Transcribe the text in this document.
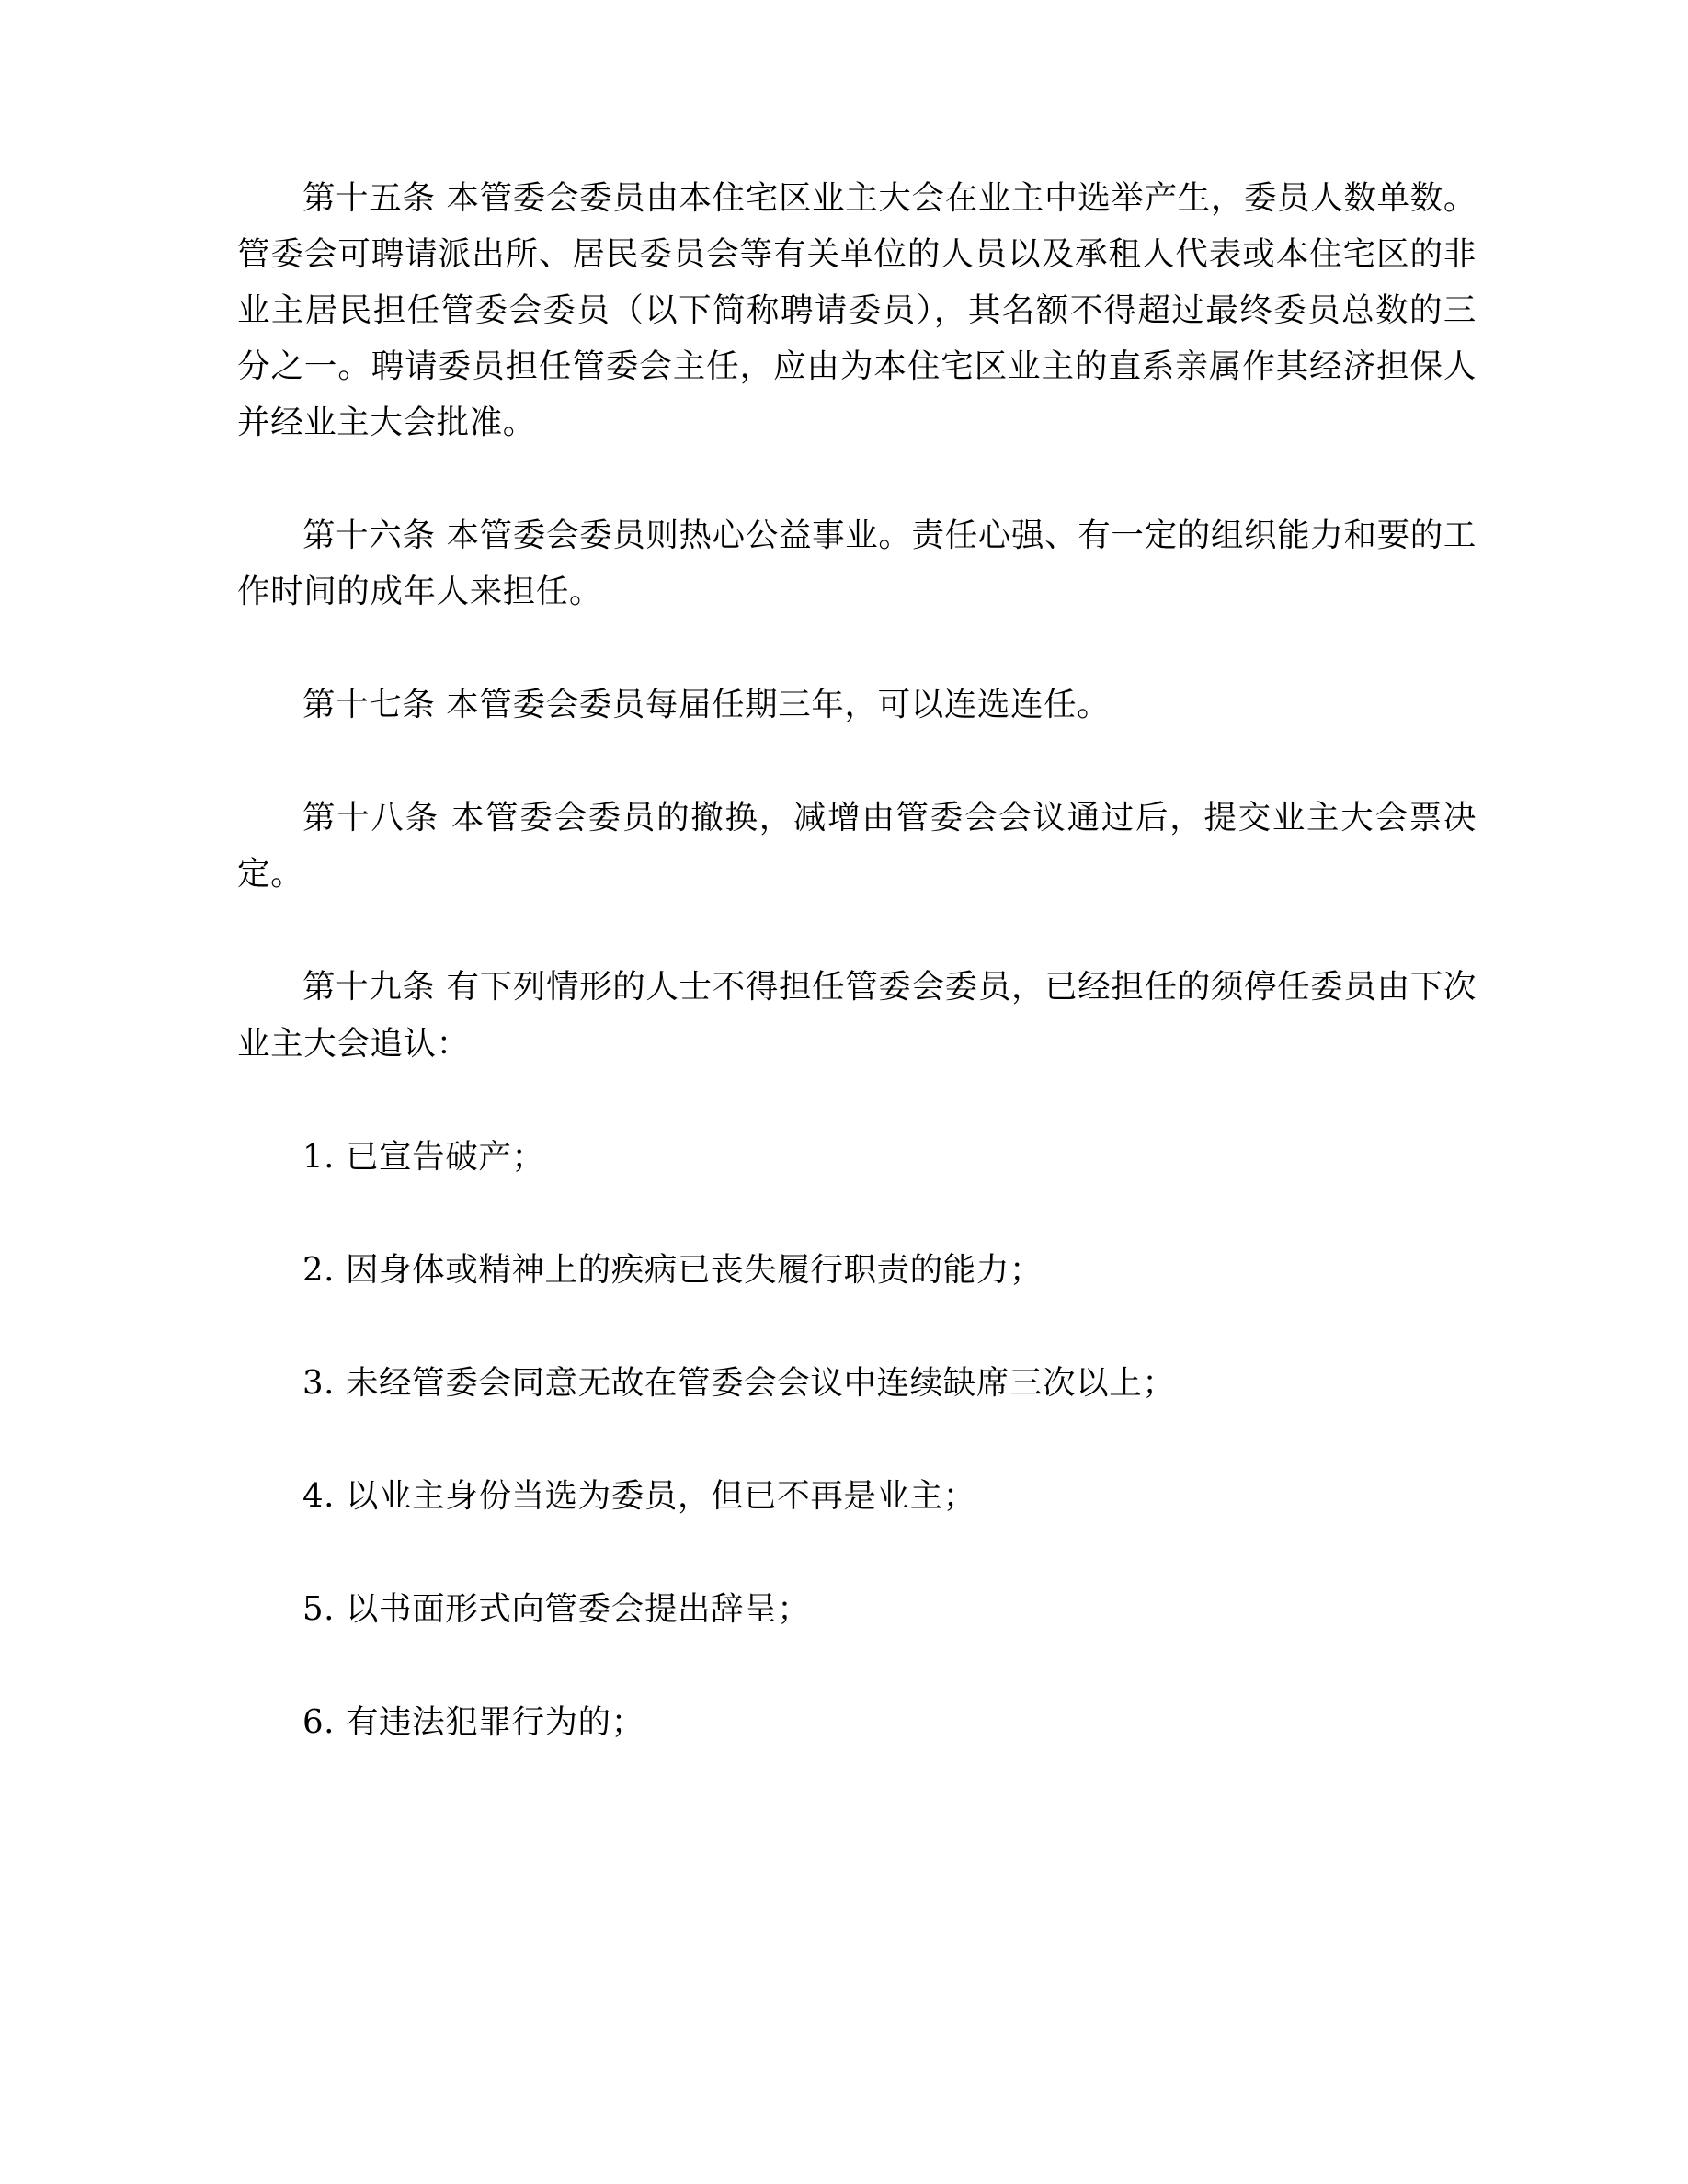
第十五条 本管委会委员由本住宅区业主大会在业主中选举产生，委员人数单数。管委会可聘请派出所、居民委员会等有关单位的人员以及承租人代表或本住宅区的非业主居民担任管委会委员（以下简称聘请委员），其名额不得超过最终委员总数的三分之一。聘请委员担任管委会主任，应由为本住宅区业主的直系亲属作其经济担保人并经业主大会批准。

第十六条 本管委会委员则热心公益事业。责任心强、有一定的组织能力和要的工作时间的成年人来担任。

第十七条 本管委会委员每届任期三年，可以连选连任。

第十八条 本管委会委员的撤换，减增由管委会会议通过后，提交业主大会票决定。

第十九条 有下列情形的人士不得担任管委会委员，已经担任的须停任委员由下次业主大会追认：

1. 已宣告破产；

2. 因身体或精神上的疾病已丧失履行职责的能力；

3. 未经管委会同意无故在管委会会议中连续缺席三次以上；

4. 以业主身份当选为委员，但已不再是业主；

5. 以书面形式向管委会提出辞呈；

6. 有违法犯罪行为的；
